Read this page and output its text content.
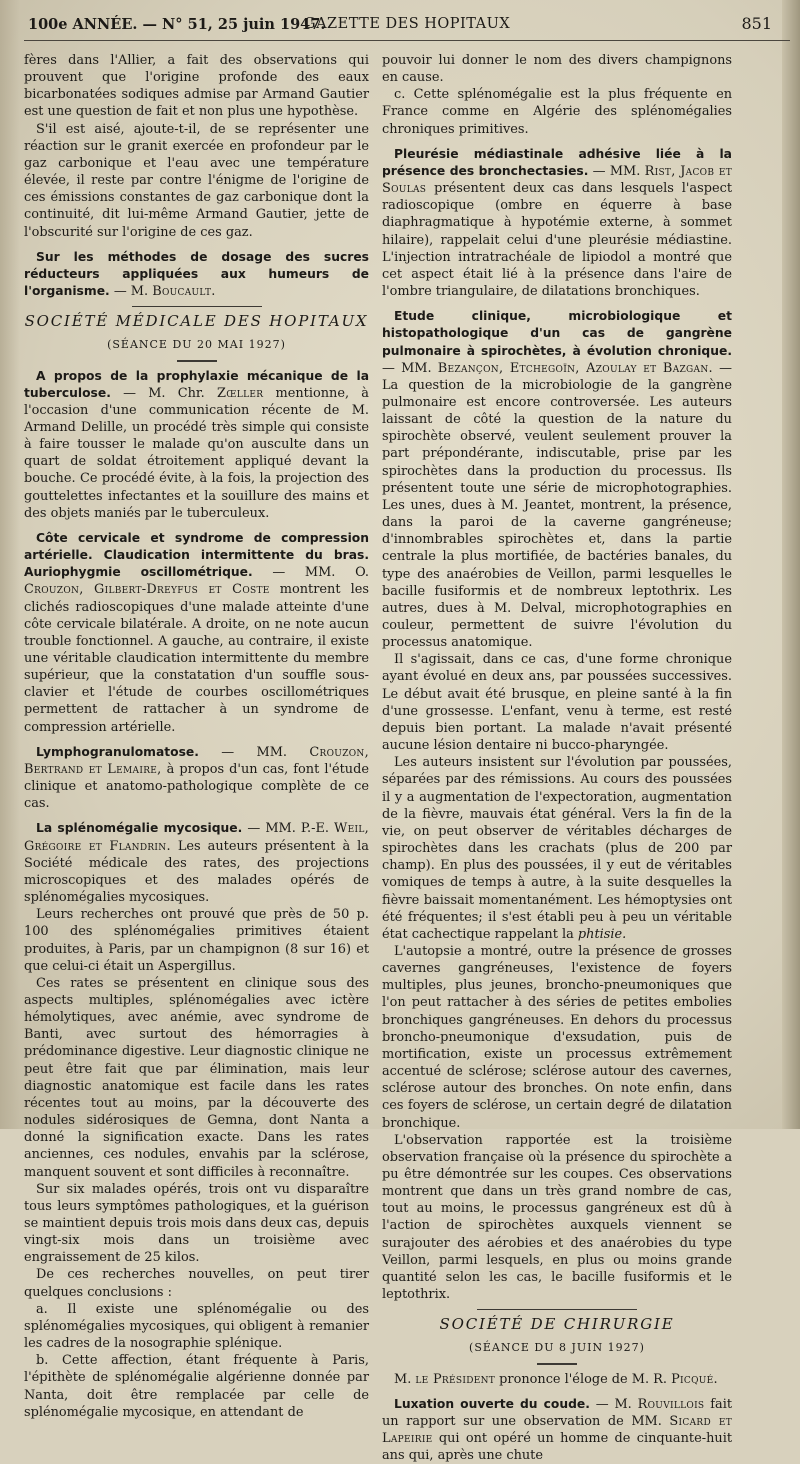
100e ANNÉE. — N° 51, 25 juin 1947.
GAZETTE DES HOPITAUX	851

fères dans l'Allier, a fait des observations qui prouvent que l'origine profonde des eaux bicarbonatées sodiques admise par Armand Gautier est une question de fait et non plus une hypothèse.

S'il est aisé, ajoute-t-il, de se représenter une réaction sur le granit exercée en profondeur par le gaz carbonique et l'eau avec une température élevée, il reste par contre l'énigme de l'origine de ces émissions constantes de gaz carbonique dont la continuité, dit lui-même Armand Gautier, jette de l'obscurité sur l'origine de ces gaz.

Sur les méthodes de dosage des sucres réducteurs appliquées aux humeurs de l'organisme. — M. Boucault.

SOCIÉTÉ MÉDICALE DES HOPITAUX
(SÉANCE DU 20 MAI 1927)

A propos de la prophylaxie mécanique de la tuberculose. — M. Chr. Zœller mentionne, à l'occasion d'une communication récente de M. Armand Delille, un procédé très simple qui consiste à faire tousser le malade qu'on ausculte dans un quart de soldat étroitement appliqué devant la bouche. Ce procédé évite, à la fois, la projection des gouttelettes infectantes et la souillure des mains et des objets maniés par le tuberculeux.

Côte cervicale et syndrome de compression artérielle. Claudication intermittente du bras. Auriophygmie oscillométrique. — MM. O. Crouzon, Gilbert-Dreyfus et Coste montrent les clichés radioscopiques d'une malade atteinte d'une côte cervicale bilatérale. A droite, on ne note aucun trouble fonctionnel. A gauche, au contraire, il existe une véritable claudication intermittente du membre supérieur, que la constatation d'un souffle sous-clavier et l'étude de courbes oscillométriques permettent de rattacher à un syndrome de compression artérielle.

Lymphogranulomatose. — MM. Crouzon, Bertrand et Lemaire, à propos d'un cas, font l'étude clinique et anatomo-pathologique complète de ce cas.

La splénomégalie mycosique. — MM. P.-E. Weil, Grégoire et Flandrin. Les auteurs présentent à la Société médicale des rates, des projections microscopiques et des malades opérés de splénomégalies mycosiques.

Leurs recherches ont prouvé que près de 50 p. 100 des splénomégalies primitives étaient produites, à Paris, par un champignon (8 sur 16) et que celui-ci était un Aspergillus.

Ces rates se présentent en clinique sous des aspects multiples, splénomégalies avec ictère hémolytiques, avec anémie, avec syndrome de Banti, avec surtout des hémorragies à prédominance digestive. Leur diagnostic clinique ne peut être fait que par élimination, mais leur diagnostic anatomique est facile dans les rates récentes tout au moins, par la découverte des nodules sidérosiques de Gemna, dont Nanta a donné la signification exacte. Dans les rates anciennes, ces nodules, envahis par la sclérose, manquent souvent et sont difficiles à reconnaître.

Sur six malades opérés, trois ont vu disparaître tous leurs symptômes pathologiques, et la guérison se maintient depuis trois mois dans deux cas, depuis vingt-six mois dans un troisième avec engraissement de 25 kilos.

De ces recherches nouvelles, on peut tirer quelques conclusions :

a. Il existe une splénomégalie ou des splénomégalies mycosiques, qui obligent à remanier les cadres de la nosographie splénique.

b. Cette affection, étant fréquente à Paris, l'épithète de splénomégalie algérienne donnée par Nanta, doit être remplacée par celle de splénomégalie mycosique, en attendant de

pouvoir lui donner le nom des divers champignons en cause.

c. Cette splénomégalie est la plus fréquente en France comme en Algérie des splénomégalies chroniques primitives.

Pleurésie médiastinale adhésive liée à la présence des bronchectasies. — MM. Rist, Jacob et Soulas présentent deux cas dans lesquels l'aspect radioscopique (ombre en équerre à base diaphragmatique à hypotémie externe, à sommet hilaire), rappelait celui d'une pleurésie médiastine. L'injection intratrachéale de lipiodol a montré que cet aspect était lié à la présence dans l'aire de l'ombre triangulaire, de dilatations bronchiques.

Etude clinique, microbiologique et histopathologique d'un cas de gangrène pulmonaire à spirochètes, à évolution chronique. — MM. Bezançon, Etchegoïn, Azoulay et Bazgan. — La question de la microbiologie de la gangrène pulmonaire est encore controversée. Les auteurs laissant de côté la question de la nature du spirochète observé, veulent seulement prouver la part prépondérante, indiscutable, prise par les spirochètes dans la production du processus. Ils présentent toute une série de microphotographies. Les unes, dues à M. Jeantet, montrent, la présence, dans la paroi de la caverne gangréneuse; d'innombrables spirochètes et, dans la partie centrale la plus mortifiée, de bactéries banales, du type des anaérobies de Veillon, parmi lesquelles le bacille fusiformis et de nombreux leptothrix. Les autres, dues à M. Delval, microphotographies en couleur, permettent de suivre l'évolution du processus anatomique.

Il s'agissait, dans ce cas, d'une forme chronique ayant évolué en deux ans, par poussées successives. Le début avait été brusque, en pleine santé à la fin d'une grossesse. L'enfant, venu à terme, est resté depuis bien portant. La malade n'avait présenté aucune lésion dentaire ni bucco-pharyngée.

Les auteurs insistent sur l'évolution par poussées, séparées par des rémissions. Au cours des poussées il y a augmentation de l'expectoration, augmentation de la fièvre, mauvais état général. Vers la fin de la vie, on peut observer de véritables décharges de spirochètes dans les crachats (plus de 200 par champ). En plus des poussées, il y eut de véritables vomiques de temps à autre, à la suite desquelles la fièvre baissait momentanément. Les hémoptysies ont été fréquentes; il s'est établi peu à peu un véritable état cachectique rappelant la phtisie.

L'autopsie a montré, outre la présence de grosses cavernes gangréneuses, l'existence de foyers multiples, plus jeunes, broncho-pneumoniques que l'on peut rattacher à des séries de petites embolies bronchiques gangréneuses. En dehors du processus broncho-pneumonique d'exsudation, puis de mortification, existe un processus extrêmement accentué de sclérose; sclérose autour des cavernes, sclérose autour des bronches. On note enfin, dans ces foyers de sclérose, un certain degré de dilatation bronchique.

L'observation rapportée est la troisième observation française où la présence du spirochète a pu être démontrée sur les coupes. Ces observations montrent que dans un très grand nombre de cas, tout au moins, le processus gangréneux est dû à l'action de spirochètes auxquels viennent se surajouter des aérobies et des anaérobies du type Veillon, parmi lesquels, en plus ou moins grande quantité selon les cas, le bacille fusiformis et le leptothrix.

SOCIÉTÉ DE CHIRURGIE
(SÉANCE DU 8 JUIN 1927)

M. le Président prononce l'éloge de M. R. Picqué.

Luxation ouverte du coude. — M. Rouvillois fait un rapport sur une observation de MM. Sicard et Lapeirie qui ont opéré un homme de cinquante-huit ans qui, après une chute
